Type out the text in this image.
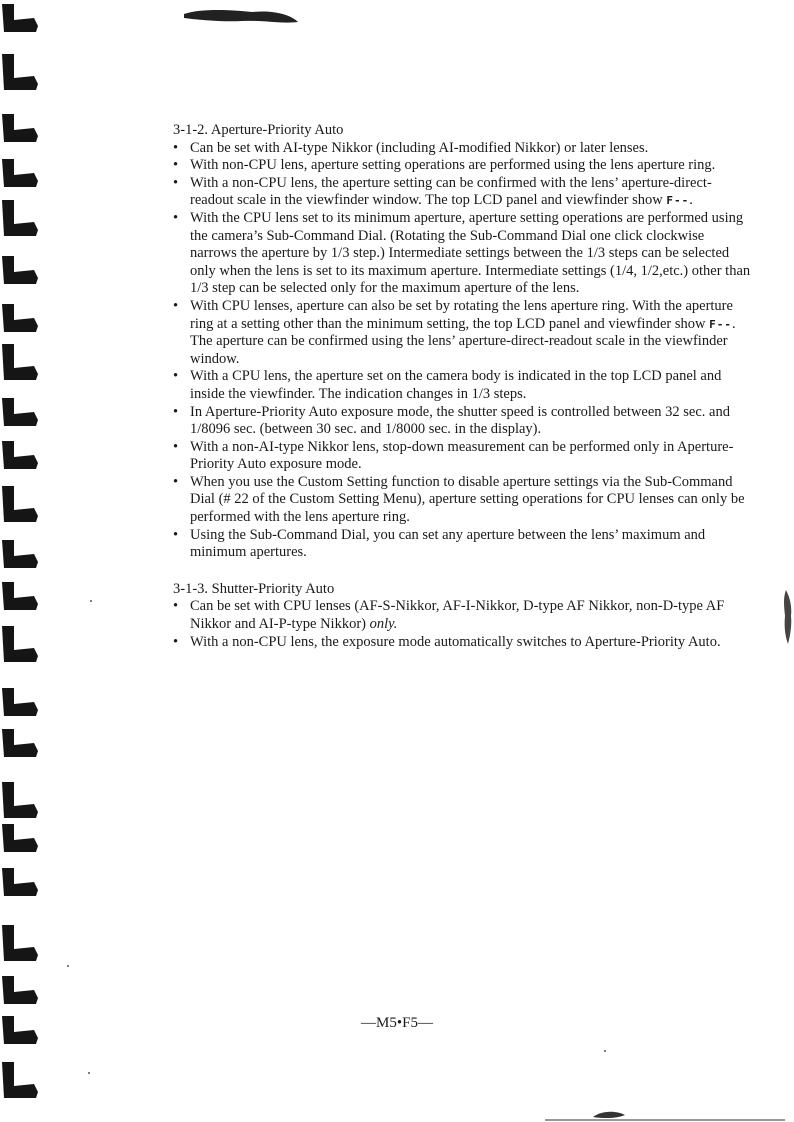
3-1-2. Aperture-Priority Auto

• Can be set with AI-type Nikkor (including AI-modified Nikkor) or later lenses.
• With non-CPU lens, aperture setting operations are performed using the lens aperture ring.
• With a non-CPU lens, the aperture setting can be confirmed with the lens’ aperture-direct-readout scale in the viewfinder window. The top LCD panel and viewfinder show F--.
• With the CPU lens set to its minimum aperture, aperture setting operations are performed using the camera’s Sub-Command Dial. (Rotating the Sub-Command Dial one click clockwise narrows the aperture by 1/3 step.) Intermediate settings between the 1/3 steps can be selected only when the lens is set to its maximum aperture. Intermediate settings (1/4, 1/2,etc.) other than 1/3 step can be selected only for the maximum aperture of the lens.
• With CPU lenses, aperture can also be set by rotating the lens aperture ring. With the aperture ring at a setting other than the minimum setting, the top LCD panel and viewfinder show F--. The aperture can be confirmed using the lens’ aperture-direct-readout scale in the viewfinder window.
• With a CPU lens, the aperture set on the camera body is indicated in the top LCD panel and inside the viewfinder. The indication changes in 1/3 steps.
• In Aperture-Priority Auto exposure mode, the shutter speed is controlled between 32 sec. and 1/8096 sec. (between 30 sec. and 1/8000 sec. in the display).
• With a non-AI-type Nikkor lens, stop-down measurement can be performed only in Aperture-Priority Auto exposure mode.
• When you use the Custom Setting function to disable aperture settings via the Sub-Command Dial (# 22 of the Custom Setting Menu), aperture setting operations for CPU lenses can only be performed with the lens aperture ring.
• Using the Sub-Command Dial, you can set any aperture between the lens’ maximum and minimum apertures.

3-1-3. Shutter-Priority Auto

• Can be set with CPU lenses (AF-S-Nikkor, AF-I-Nikkor, D-type AF Nikkor, non-D-type AF Nikkor and AI-P-type Nikkor) only.
• With a non-CPU lens, the exposure mode automatically switches to Aperture-Priority Auto.
—M5•F5—
